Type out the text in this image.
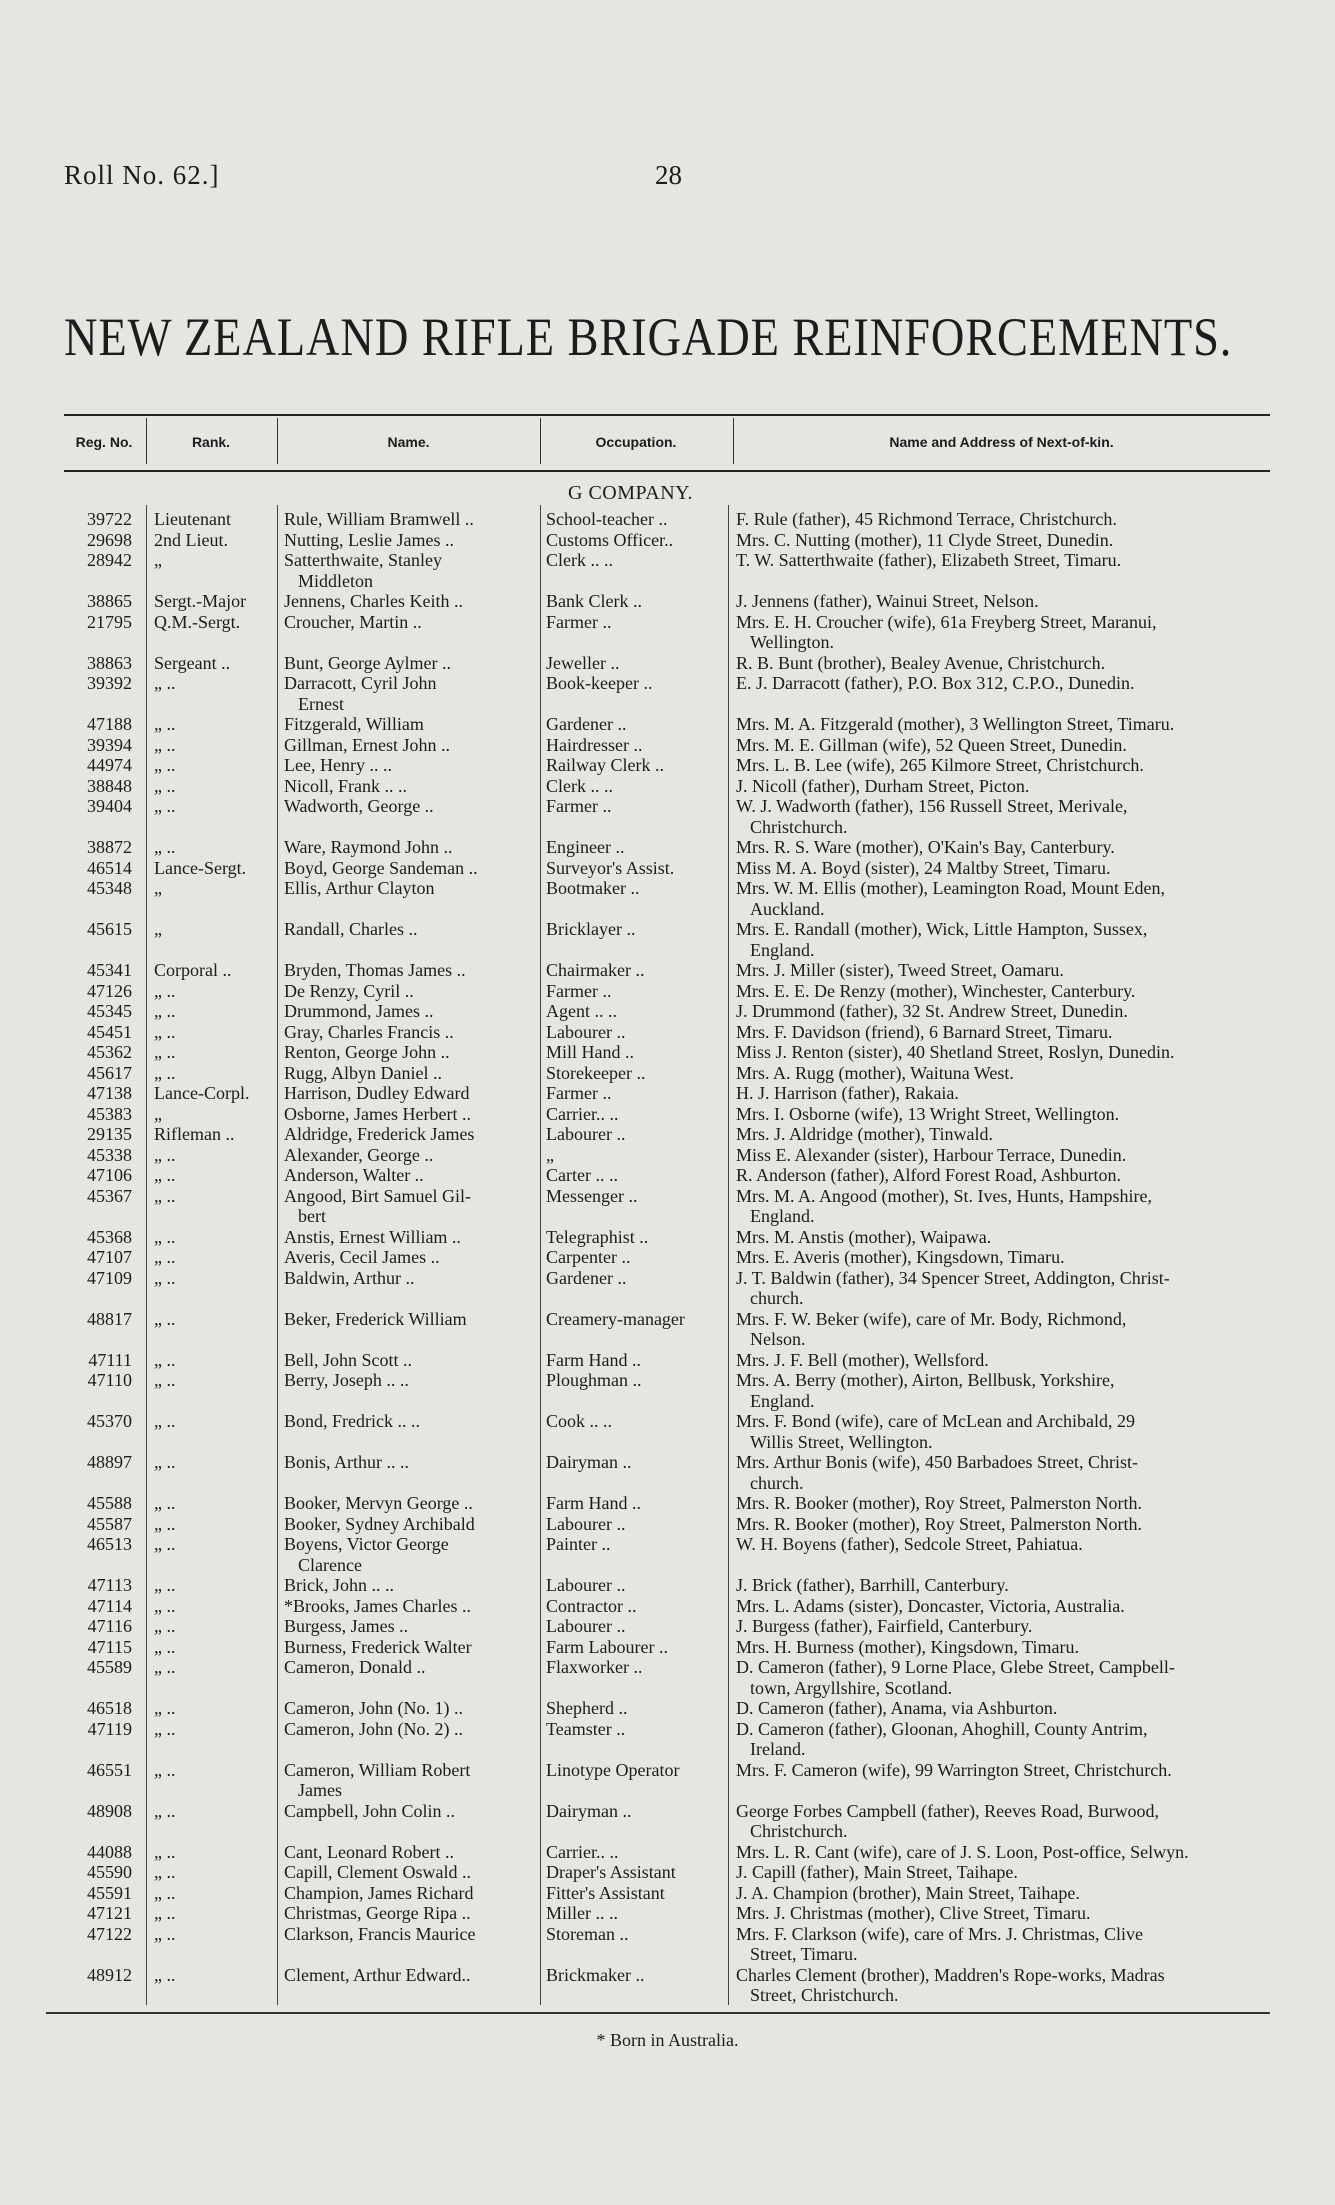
Roll No. 62.]	28
NEW ZEALAND RIFLE BRIGADE REINFORCEMENTS.
Reg. No.	Rank.	Name.	Occupation.	Name and Address of Next-of-kin.
G COMPANY.
39722 Lieutenant	Rule, William Bramwell ..	School-teacher ..	F. Rule (father), 45 Richmond Terrace, Christchurch.
29698 2nd Lieut.	Nutting, Leslie James ..	Customs Officer..	Mrs. C. Nutting (mother), 11 Clyde Street, Dunedin.
28942 „	Satterthwaite, Stanley
Middleton
Clerk .. ..	T. W. Satterthwaite (father), Elizabeth Street, Timaru.
38865 Sergt.-Major	Jennens, Charles Keith ..	Bank Clerk ..	J. Jennens (father), Wainui Street, Nelson.
21795 Q.M.-Sergt.	Croucher, Martin ..	Farmer ..	Mrs. E. H. Croucher (wife), 61a Freyberg Street, Maranui,
Wellington.
38863 Sergeant ..	Bunt, George Aylmer ..	Jeweller ..	R. B. Bunt (brother), Bealey Avenue, Christchurch.
39392 „ ..	Darracott, Cyril John
Ernest
Book-keeper ..	E. J. Darracott (father), P.O. Box 312, C.P.O., Dunedin.
47188 „ ..	Fitzgerald, William	Gardener ..	Mrs. M. A. Fitzgerald (mother), 3 Wellington Street, Timaru.
39394 „ ..	Gillman, Ernest John ..	Hairdresser ..	Mrs. M. E. Gillman (wife), 52 Queen Street, Dunedin.
44974 „ ..	Lee, Henry .. ..	Railway Clerk ..	Mrs. L. B. Lee (wife), 265 Kilmore Street, Christchurch.
38848 „ ..	Nicoll, Frank .. ..	Clerk .. ..	J. Nicoll (father), Durham Street, Picton.
39404 „ ..	Wadworth, George ..	Farmer ..	W. J. Wadworth (father), 156 Russell Street, Merivale,
Christchurch.
38872 „ ..	Ware, Raymond John ..	Engineer ..	Mrs. R. S. Ware (mother), O'Kain's Bay, Canterbury.
46514 Lance-Sergt.	Boyd, George Sandeman ..	Surveyor's Assist.	Miss M. A. Boyd (sister), 24 Maltby Street, Timaru.
45348 „	Ellis, Arthur Clayton	Bootmaker ..	Mrs. W. M. Ellis (mother), Leamington Road, Mount Eden,
Auckland.
45615 „	Randall, Charles ..	Bricklayer ..	Mrs. E. Randall (mother), Wick, Little Hampton, Sussex,
England.
45341 Corporal ..	Bryden, Thomas James ..	Chairmaker ..	Mrs. J. Miller (sister), Tweed Street, Oamaru.
47126 „ ..	De Renzy, Cyril ..	Farmer ..	Mrs. E. E. De Renzy (mother), Winchester, Canterbury.
45345 „ ..	Drummond, James ..	Agent .. ..	J. Drummond (father), 32 St. Andrew Street, Dunedin.
45451 „ ..	Gray, Charles Francis ..	Labourer ..	Mrs. F. Davidson (friend), 6 Barnard Street, Timaru.
45362 „ ..	Renton, George John ..	Mill Hand ..	Miss J. Renton (sister), 40 Shetland Street, Roslyn, Dunedin.
45617 „ ..	Rugg, Albyn Daniel ..	Storekeeper ..	Mrs. A. Rugg (mother), Waituna West.
47138 Lance-Corpl.	Harrison, Dudley Edward	Farmer ..	H. J. Harrison (father), Rakaia.
45383 „	Osborne, James Herbert ..	Carrier.. ..	Mrs. I. Osborne (wife), 13 Wright Street, Wellington.
29135 Rifleman ..	Aldridge, Frederick James	Labourer ..	Mrs. J. Aldridge (mother), Tinwald.
45338 „ ..	Alexander, George ..	„	Miss E. Alexander (sister), Harbour Terrace, Dunedin.
47106 „ ..	Anderson, Walter ..	Carter .. ..	R. Anderson (father), Alford Forest Road, Ashburton.
45367 „ ..	Angood, Birt Samuel Gil-
bert
Messenger ..	Mrs. M. A. Angood (mother), St. Ives, Hunts, Hampshire,
England.
45368 „ ..	Anstis, Ernest William ..	Telegraphist ..	Mrs. M. Anstis (mother), Waipawa.
47107 „ ..	Averis, Cecil James ..	Carpenter ..	Mrs. E. Averis (mother), Kingsdown, Timaru.
47109 „ ..	Baldwin, Arthur ..	Gardener ..	J. T. Baldwin (father), 34 Spencer Street, Addington, Christ-
church.
48817 „ ..	Beker, Frederick William	Creamery-manager	Mrs. F. W. Beker (wife), care of Mr. Body, Richmond,
Nelson.
47111 „ ..	Bell, John Scott ..	Farm Hand ..	Mrs. J. F. Bell (mother), Wellsford.
47110 „ ..	Berry, Joseph .. ..	Ploughman ..	Mrs. A. Berry (mother), Airton, Bellbusk, Yorkshire,
England.
45370 „ ..	Bond, Fredrick .. ..	Cook .. ..	Mrs. F. Bond (wife), care of McLean and Archibald, 29
Willis Street, Wellington.
48897 „ ..	Bonis, Arthur .. ..	Dairyman ..	Mrs. Arthur Bonis (wife), 450 Barbadoes Street, Christ-
church.
45588 „ ..	Booker, Mervyn George ..	Farm Hand ..	Mrs. R. Booker (mother), Roy Street, Palmerston North.
45587 „ ..	Booker, Sydney Archibald	Labourer ..	Mrs. R. Booker (mother), Roy Street, Palmerston North.
46513 „ ..	Boyens, Victor George
Clarence
Painter ..	W. H. Boyens (father), Sedcole Street, Pahiatua.
47113 „ ..	Brick, John .. ..	Labourer ..	J. Brick (father), Barrhill, Canterbury.
47114 „ ..	*Brooks, James Charles ..	Contractor ..	Mrs. L. Adams (sister), Doncaster, Victoria, Australia.
47116 „ ..	Burgess, James ..	Labourer ..	J. Burgess (father), Fairfield, Canterbury.
47115 „ ..	Burness, Frederick Walter	Farm Labourer ..	Mrs. H. Burness (mother), Kingsdown, Timaru.
45589 „ ..	Cameron, Donald ..	Flaxworker ..	D. Cameron (father), 9 Lorne Place, Glebe Street, Campbell-
town, Argyllshire, Scotland.
46518 „ ..	Cameron, John (No. 1) ..	Shepherd ..	D. Cameron (father), Anama, via Ashburton.
47119 „ ..	Cameron, John (No. 2) ..	Teamster ..	D. Cameron (father), Gloonan, Ahoghill, County Antrim,
Ireland.
46551 „ ..	Cameron, William Robert
James
Linotype Operator	Mrs. F. Cameron (wife), 99 Warrington Street, Christchurch.
48908 „ ..	Campbell, John Colin ..	Dairyman ..	George Forbes Campbell (father), Reeves Road, Burwood,
Christchurch.
44088 „ ..	Cant, Leonard Robert ..	Carrier.. ..	Mrs. L. R. Cant (wife), care of J. S. Loon, Post-office, Selwyn.
45590 „ ..	Capill, Clement Oswald ..	Draper's Assistant	J. Capill (father), Main Street, Taihape.
45591 „ ..	Champion, James Richard	Fitter's Assistant	J. A. Champion (brother), Main Street, Taihape.
47121 „ ..	Christmas, George Ripa ..	Miller .. ..	Mrs. J. Christmas (mother), Clive Street, Timaru.
47122 „ ..	Clarkson, Francis Maurice	Storeman ..	Mrs. F. Clarkson (wife), care of Mrs. J. Christmas, Clive
Street, Timaru.
48912 „ ..	Clement, Arthur Edward..	Brickmaker ..	Charles Clement (brother), Maddren's Rope-works, Madras
Street, Christchurch.
* Born in Australia.
